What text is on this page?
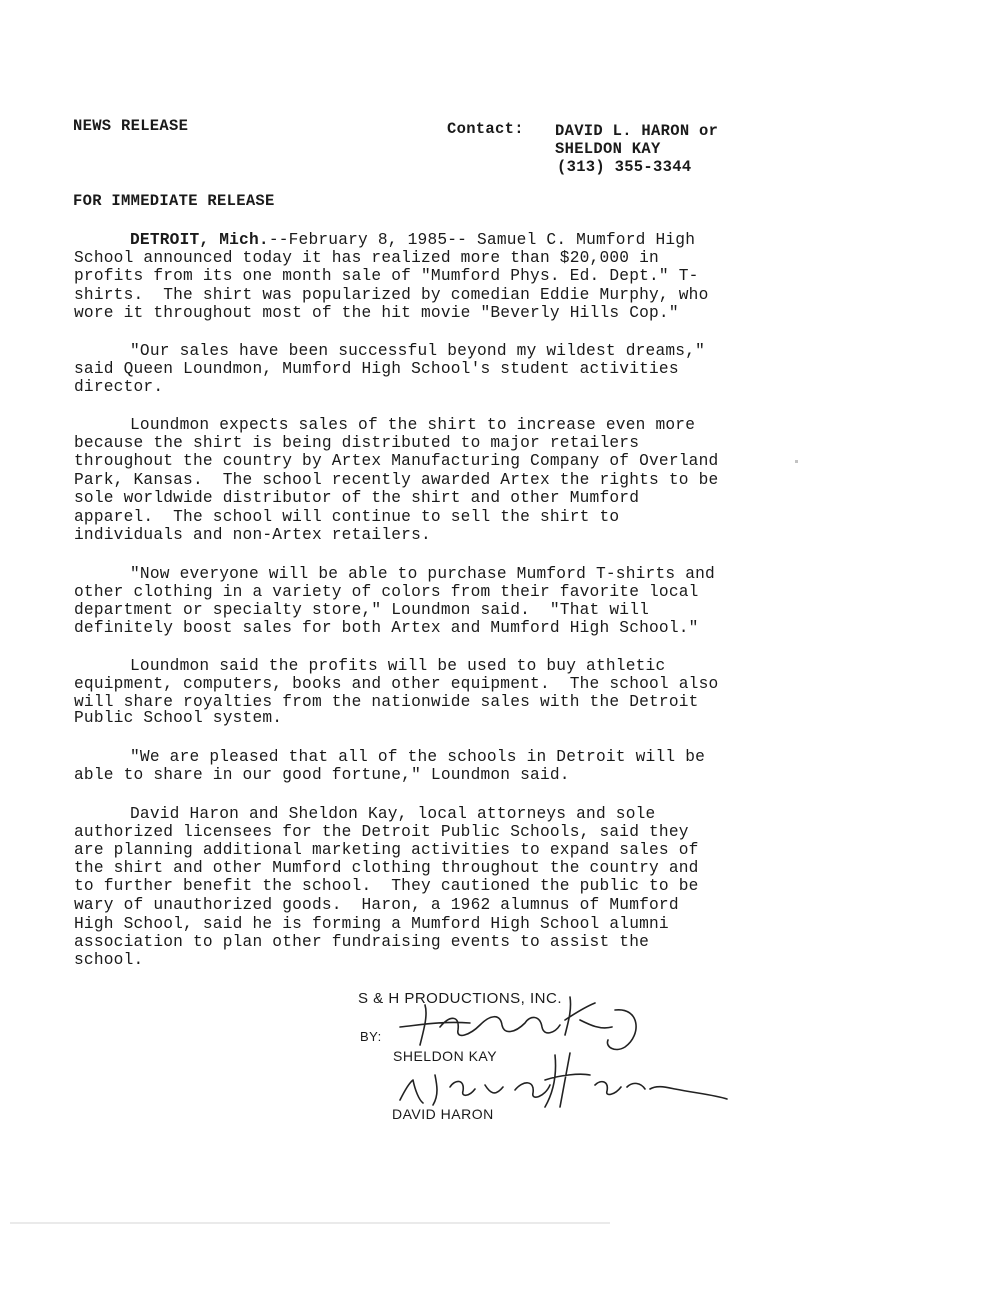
NEWS RELEASE	Contact: DAVID L. HARON or
SHELDON KAY
(313) 355-3344
FOR IMMEDIATE RELEASE
DETROIT, Mich.--February 8, 1985-- Samuel C. Mumford High
School announced today it has realized more than $20,000 in
profits from its one month sale of "Mumford Phys. Ed. Dept." T-
shirts.  The shirt was popularized by comedian Eddie Murphy, who
wore it throughout most of the hit movie "Beverly Hills Cop."
"Our sales have been successful beyond my wildest dreams,"
said Queen Loundmon, Mumford High School's student activities
director.
Loundmon expects sales of the shirt to increase even more
because the shirt is being distributed to major retailers
throughout the country by Artex Manufacturing Company of Overland
Park, Kansas.  The school recently awarded Artex the rights to be
sole worldwide distributor of the shirt and other Mumford
apparel.  The school will continue to sell the shirt to
individuals and non-Artex retailers.
"Now everyone will be able to purchase Mumford T-shirts and
other clothing in a variety of colors from their favorite local
department or specialty store," Loundmon said.  "That will
definitely boost sales for both Artex and Mumford High School."
Loundmon said the profits will be used to buy athletic
equipment, computers, books and other equipment.  The school also
will share royalties from the nationwide sales with the Detroit
Public School system.
"We are pleased that all of the schools in Detroit will be
able to share in our good fortune," Loundmon said.
David Haron and Sheldon Kay, local attorneys and sole
authorized licensees for the Detroit Public Schools, said they
are planning additional marketing activities to expand sales of
the shirt and other Mumford clothing throughout the country and
to further benefit the school.  They cautioned the public to be
wary of unauthorized goods.  Haron, a 1962 alumnus of Mumford
High School, said he is forming a Mumford High School alumni
association to plan other fundraising events to assist the
school.
S & H PRODUCTIONS, INC.
BY:
SHELDON KAY
DAVID HARON
